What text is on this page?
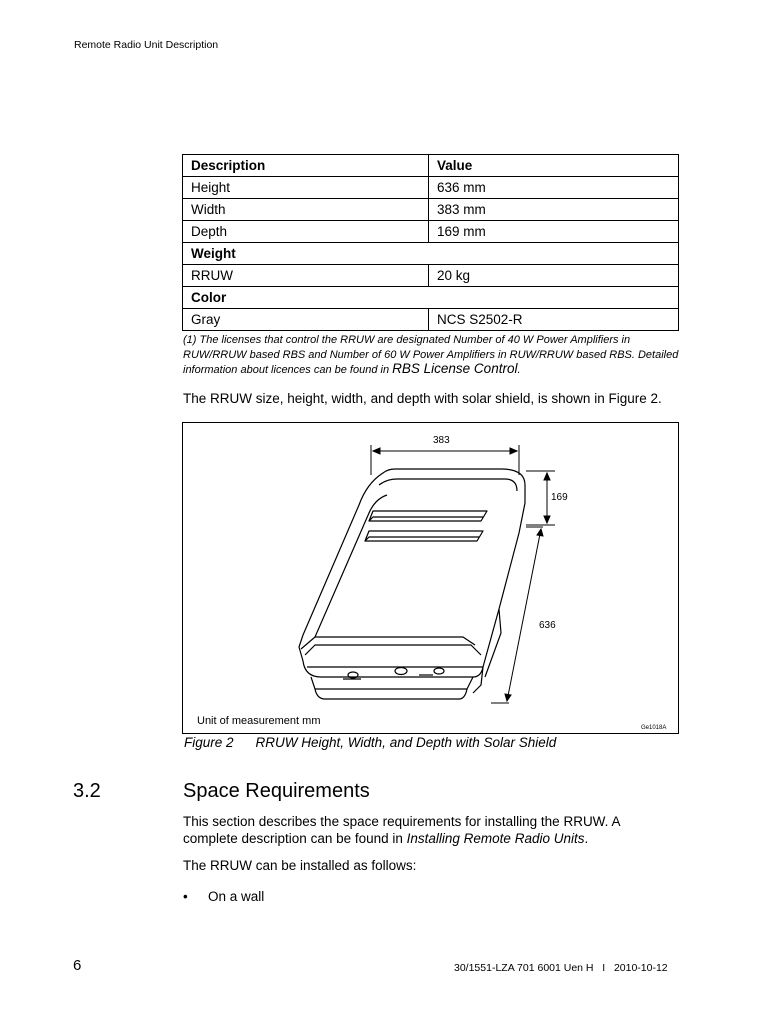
Remote Radio Unit Description
Description	Value
Height	636 mm
Width	383 mm
Depth	169 mm
Weight	
RRUW	20 kg
Color	
Gray	NCS S2502-R
(1) The licenses that control the RRUW are designated Number of 40 W Power Amplifiers in RUW/RRUW based RBS and Number of 60 W Power Amplifiers in RUW/RRUW based RBS. Detailed information about licences can be found in RBS License Control.
The RRUW size, height, width, and depth with solar shield, is shown in Figure 2.
383
169
636
Unit of measurement mm
Ge1018A
Figure 2 RRUW Height, Width, and Depth with Solar Shield
3.2	Space Requirements
This section describes the space requirements for installing the RRUW. A complete description can be found in Installing Remote Radio Units.
The RRUW can be installed as follows:
• On a wall
6	30/1551-LZA 701 6001 Uen H   I   2010-10-12
